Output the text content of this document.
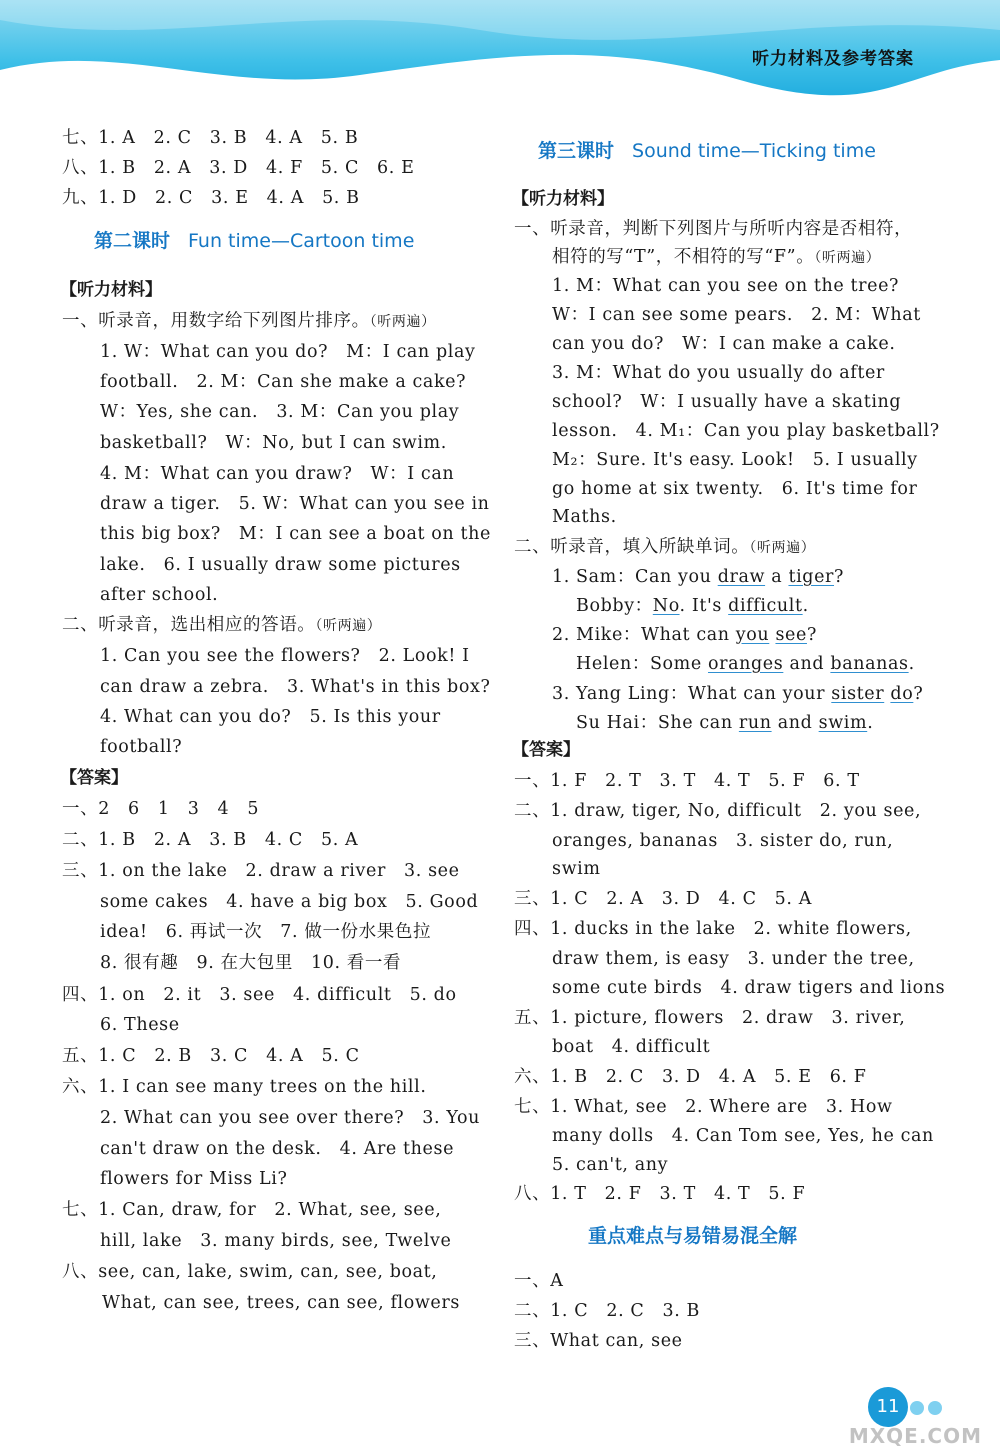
听力材料及参考答案
七、1. A　2. C　3. B　4. A　5. B
八、1. B　2. A　3. D　4. F　5. C　6. E
九、1. D　2. C　3. E　4. A　5. B
第二课时 Fun time—Cartoon time
【听力材料】
一、听录音，用数字给下列图片排序。（听两遍）
1. W：What can you do?　M：I can play
football.　2. M：Can she make a cake?
W：Yes, she can.　3. M：Can you play
basketball?　W：No, but I can swim.
4. M：What can you draw?　W：I can
draw a tiger.　5. W：What can you see in
this big box?　M：I can see a boat on the
lake.　6. I usually draw some pictures
after school.
二、听录音，选出相应的答语。（听两遍）
1. Can you see the flowers?　2. Look! I
can draw a zebra.　3. What's in this box?
4. What can you do?　5. Is this your
football?
【答案】
一、2　6　1　3　4　5
二、1. B　2. A　3. B　4. C　5. A
三、1. on the lake　2. draw a river　3. see
some cakes　4. have a big box　5. Good
idea!　6. 再试一次　7. 做一份水果色拉
8. 很有趣　9. 在大包里　10. 看一看
四、1. on　2. it　3. see　4. difficult　5. do
6. These
五、1. C　2. B　3. C　4. A　5. C
六、1. I can see many trees on the hill.
2. What can you see over there?　3. You
can't draw on the desk.　4. Are these
flowers for Miss Li?
七、1. Can, draw, for　2. What, see, see,
hill, lake　3. many birds, see, Twelve
八、see, can, lake, swim, can, see, boat,
What, can see, trees, can see, flowers
第三课时 Sound time—Ticking time
【听力材料】
一、听录音，判断下列图片与所听内容是否相符，
相符的写“T”，不相符的写“F”。（听两遍）
1. M：What can you see on the tree?
W：I can see some pears.　2. M：What
can you do?　W：I can make a cake.
3. M：What do you usually do after
school?　W：I usually have a skating
lesson.　4. M₁：Can you play basketball?
M₂：Sure. It's easy. Look!　5. I usually
go home at six twenty.　6. It's time for
Maths.
二、听录音，填入所缺单词。（听两遍）
1. Sam：Can you draw a tiger?
Bobby：No. It's difficult.
2. Mike：What can you see?
Helen：Some oranges and bananas.
3. Yang Ling：What can your sister do?
Su Hai：She can run and swim.
【答案】
一、1. F　2. T　3. T　4. T　5. F　6. T
二、1. draw, tiger, No, difficult　2. you see,
oranges, bananas　3. sister do, run,
swim
三、1. C　2. A　3. D　4. C　5. A
四、1. ducks in the lake　2. white flowers,
draw them, is easy　3. under the tree,
some cute birds　4. draw tigers and lions
五、1. picture, flowers　2. draw　3. river,
boat　4. difficult
六、1. B　2. C　3. D　4. A　5. E　6. F
七、1. What, see　2. Where are　3. How
many dolls　4. Can Tom see, Yes, he can
5. can't, any
八、1. T　2. F　3. T　4. T　5. F
重点难点与易错易混全解
一、A
二、1. C　2. C　3. B
三、What can, see
11
MXQE.COM
